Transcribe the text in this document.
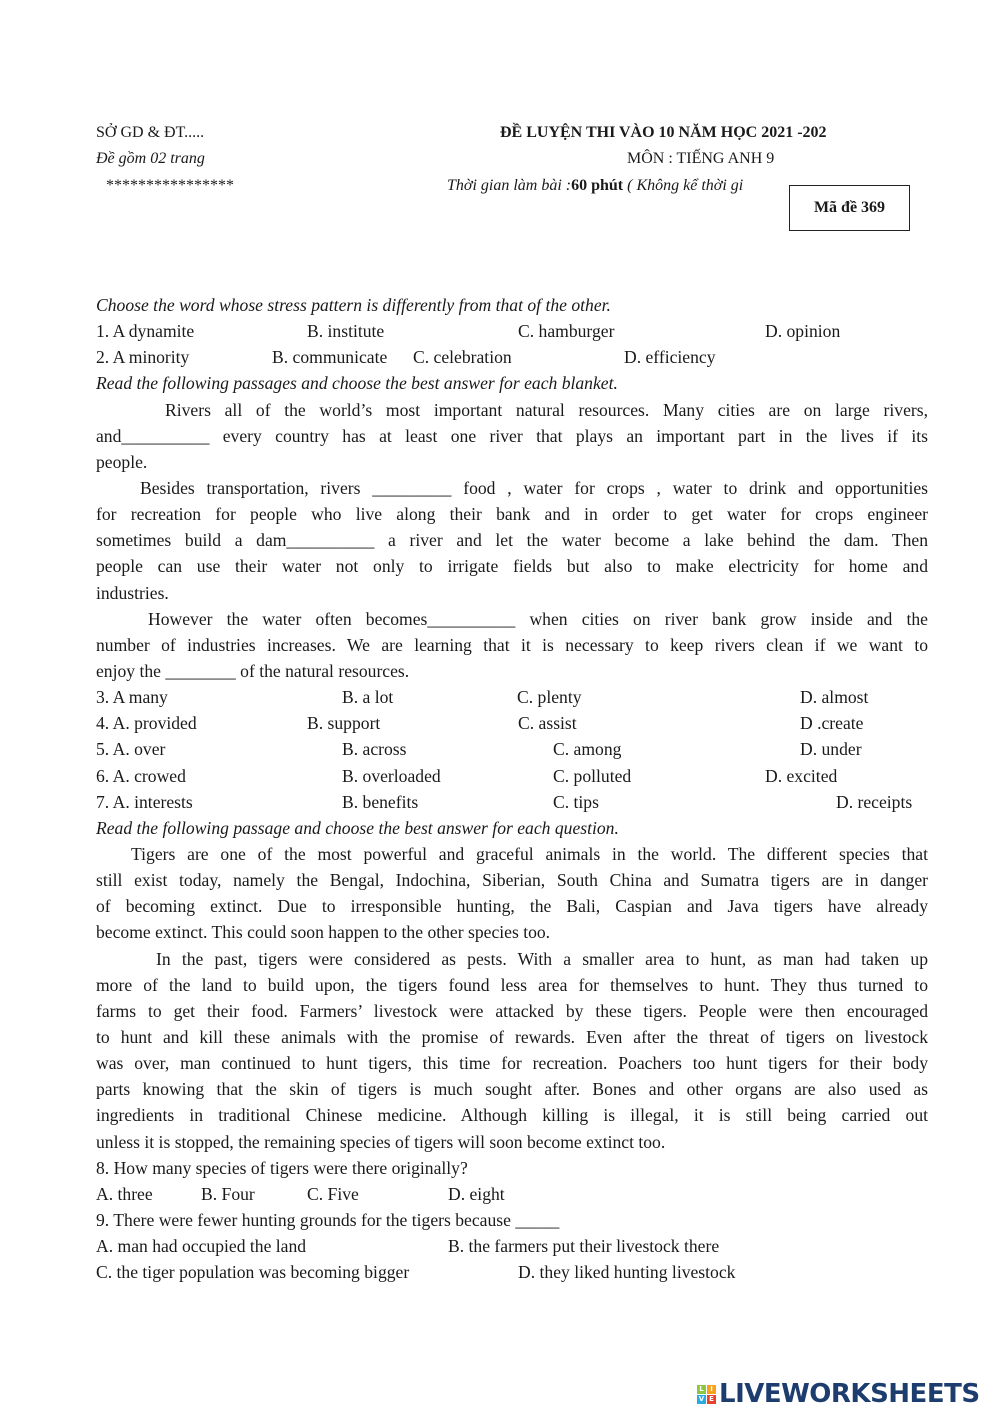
SỞ GD & ĐT.....
Đề gồm 02 trang
****************
ĐỀ LUYỆN THI VÀO 10 NĂM HỌC 2021 -202
MÔN : TIẾNG ANH 9
Thời gian làm bài :60 phút ( Không kể thời gi
Mã đề 369
Choose the word whose stress pattern is differently from that of the other.
1. A dynamite	B. institute	C. hamburger	D. opinion
2. A minority	B. communicate C. celebration	D. efficiency
Read the following passages and choose the best answer for each blanket.
Rivers all of the world’s most important natural resources. Many cities are on large rivers,
and__________ every country has at least one river that plays an important part in the lives if its
people.
Besides transportation, rivers _________ food , water for crops , water to drink and opportunities
for recreation for people who live along their bank and in order to get water for crops engineer
sometimes build a dam__________ a river and let the water become a lake behind the dam. Then
people can use their water not only to irrigate fields but also to make electricity for home and
industries.
However the water often becomes__________ when cities on river bank grow inside and the
number of industries increases. We are learning that it is necessary to keep rivers clean if we want to
enjoy the ________ of the natural resources.
3. A many	B. a lot	C. plenty	D. almost
4. A. provided	B. support	C. assist	D .create
5. A. over	B. across	C. among	D. under
6. A. crowed	B. overloaded	C. polluted	D. excited
7. A. interests	B. benefits	C. tips	D. receipts
Read the following passage and choose the best answer for each question.
Tigers are one of the most powerful and graceful animals in the world. The different species that
still exist today, namely the Bengal, Indochina, Siberian, South China and Sumatra tigers are in danger
of becoming extinct. Due to irresponsible hunting, the Bali, Caspian and Java tigers have already
become extinct. This could soon happen to the other species too.
In the past, tigers were considered as pests. With a smaller area to hunt, as man had taken up
more of the land to build upon, the tigers found less area for themselves to hunt. They thus turned to
farms to get their food. Farmers’ livestock were attacked by these tigers. People were then encouraged
to hunt and kill these animals with the promise of rewards. Even after the threat of tigers on livestock
was over, man continued to hunt tigers, this time for recreation. Poachers too hunt tigers for their body
parts knowing that the skin of tigers is much sought after. Bones and other organs are also used as
ingredients in traditional Chinese medicine. Although killing is illegal, it is still being carried out
unless it is stopped, the remaining species of tigers will soon become extinct too.
8. How many species of tigers were there originally?
A. three	B. Four	C. Five	D. eight
9. There were fewer hunting grounds for the tigers because _____
A. man had occupied the land	B. the farmers put their livestock there
C. the tiger population was becoming bigger	D. they liked hunting livestock
L I
V E LIVEWORKSHEETS
